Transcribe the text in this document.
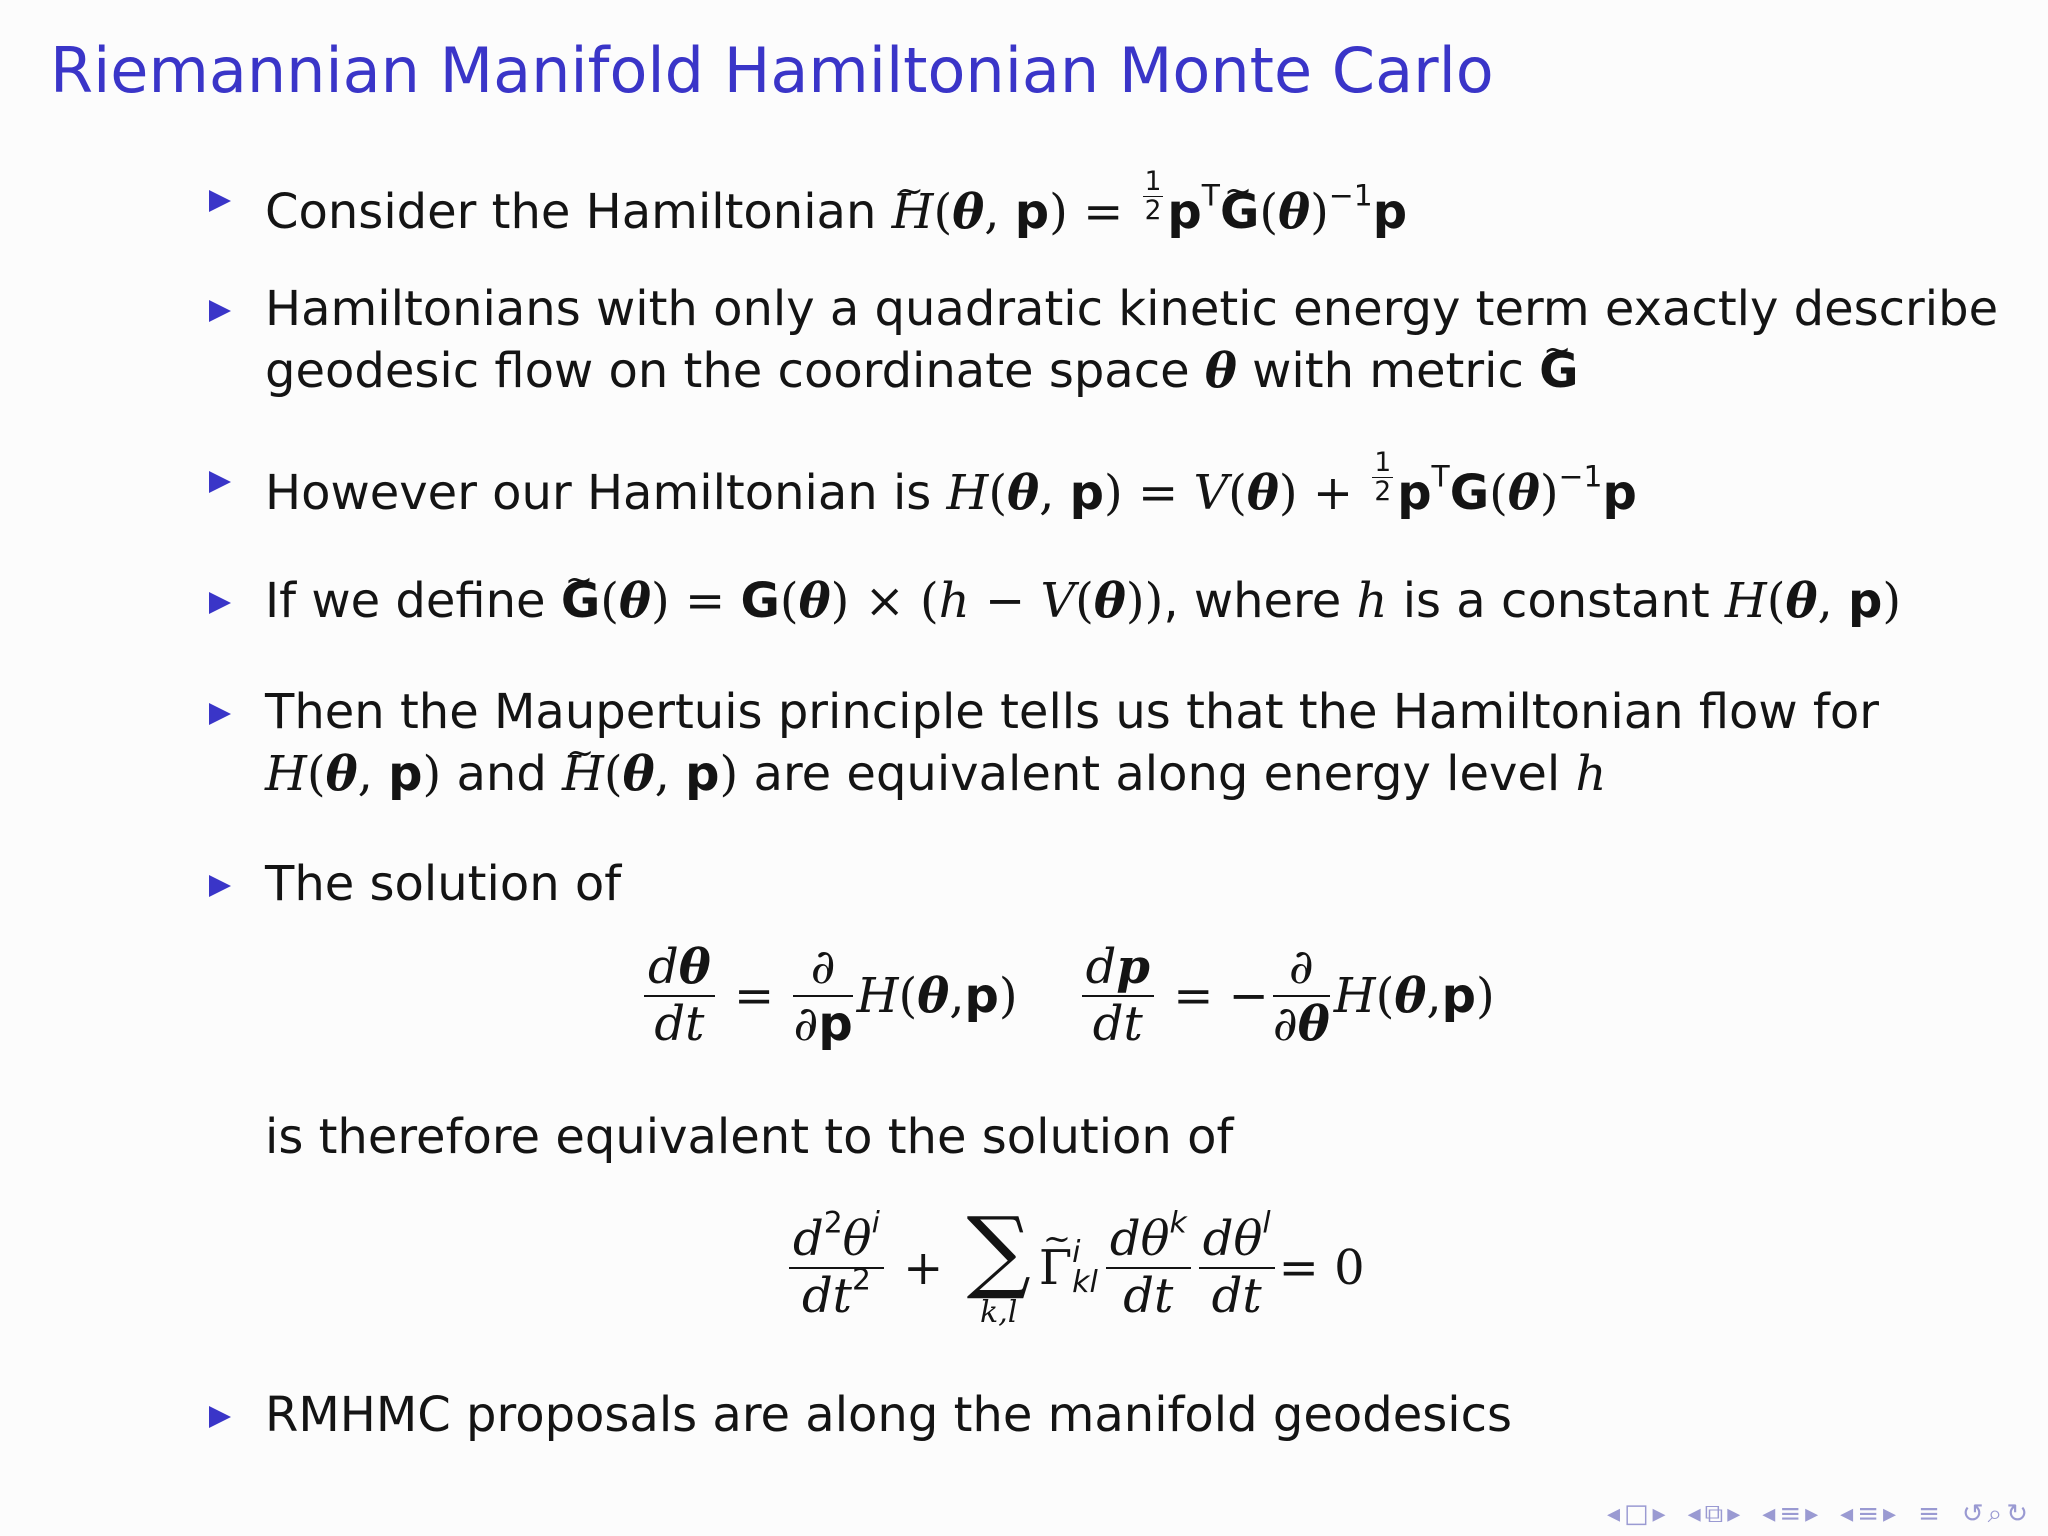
Riemannian Manifold Hamiltonian Monte Carlo
Consider the Hamiltonian H ~(θ, $p) = \frac{1}{2} p^TG$ $\sim(\theta)^{-1}p$
Hamiltonians with only a quadratic kinetic energy term exactly describe
geodesic flow on the coordinate space θ with metric G ~
However our Hamiltonian is H(θ, $p) = V(\theta) + \frac{1}{2} p^TG(\theta)^{-1}p$
If we define G ~(θ) = G(θ) × (h − V(θ)), where h is a constant H(θ, p)
Then the Maupertuis principle tells us that the Hamiltonian flow for
H(θ, p) and H ~(θ, p) are equivalent along energy level h
The solution of
$\frac{d\theta}{dt} = \frac{\partial}{\partial p}$ H ( θ , p ) $\frac{dp}{dt}$ = − $\frac{\partial}{\partial\theta}$ H ( θ , p )
is therefore equivalent to the solution of
$\frac{d^2\theta^i}{dt^2}$ + ∑
k,l
Γ ~ i
kl $\frac{d\theta^k}{dt} \frac{d\theta^l}{dt} = 0$
RMHMC proposals are along the manifold geodesics
◂□▸ ◂⧉▸ ◂≡▸ ◂≡▸ ≡ ↺⌕↻
